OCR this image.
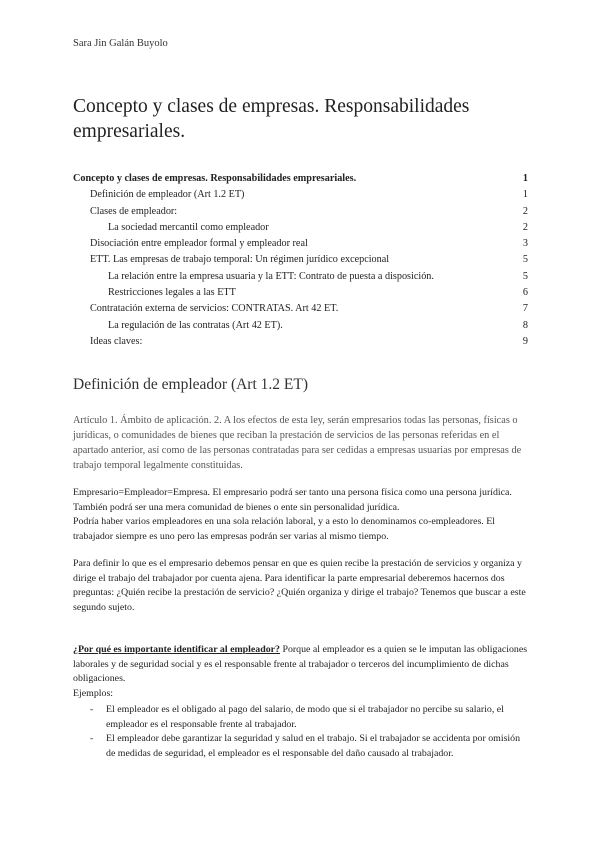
Sara Jin Galán Buyolo
Concepto y clases de empresas. Responsabilidades empresariales.
Concepto y clases de empresas. Responsabilidades empresariales.	1
Definición de empleador (Art 1.2 ET)	1
Clases de empleador:	2
La sociedad mercantil como empleador	2
Disociación entre empleador formal y empleador real	3
ETT. Las empresas de trabajo temporal: Un régimen jurídico excepcional	5
La relación entre la empresa usuaria y la ETT: Contrato de puesta a disposición.	5
Restricciones legales a las ETT	6
Contratación externa de servicios: CONTRATAS. Art 42 ET.	7
La regulación de las contratas (Art 42 ET).	8
Ideas claves:	9
Definición de empleador (Art 1.2 ET)
Artículo 1. Ámbito de aplicación. 2. A los efectos de esta ley, serán empresarios todas las personas, físicas o jurídicas, o comunidades de bienes que reciban la prestación de servicios de las personas referidas en el apartado anterior, así como de las personas contratadas para ser cedidas a empresas usuarias por empresas de trabajo temporal legalmente constituidas.
Empresario=Empleador=Empresa. El empresario podrá ser tanto una persona física como una persona jurídica. También podrá ser una mera comunidad de bienes o ente sin personalidad jurídica.
Podría haber varios empleadores en una sola relación laboral, y a esto lo denominamos co-empleadores. El trabajador siempre es uno pero las empresas podrán ser varias al mismo tiempo.
Para definir lo que es el empresario debemos pensar en que es quien recibe la prestación de servicios y organiza y dirige el trabajo del trabajador por cuenta ajena. Para identificar la parte empresarial deberemos hacernos dos preguntas: ¿Quién recibe la prestación de servicio? ¿Quién organiza y dirige el trabajo? Tenemos que buscar a este segundo sujeto.
¿Por qué es importante identificar al empleador? Porque al empleador es a quien se le imputan las obligaciones laborales y de seguridad social y es el responsable frente al trabajador o terceros del incumplimiento de dichas obligaciones.
Ejemplos:
- El empleador es el obligado al pago del salario, de modo que si el trabajador no percibe su salario, el empleador es el responsable frente al trabajador.
- El empleador debe garantizar la seguridad y salud en el trabajo. Si el trabajador se accidenta por omisión de medidas de seguridad, el empleador es el responsable del daño causado al trabajador.
